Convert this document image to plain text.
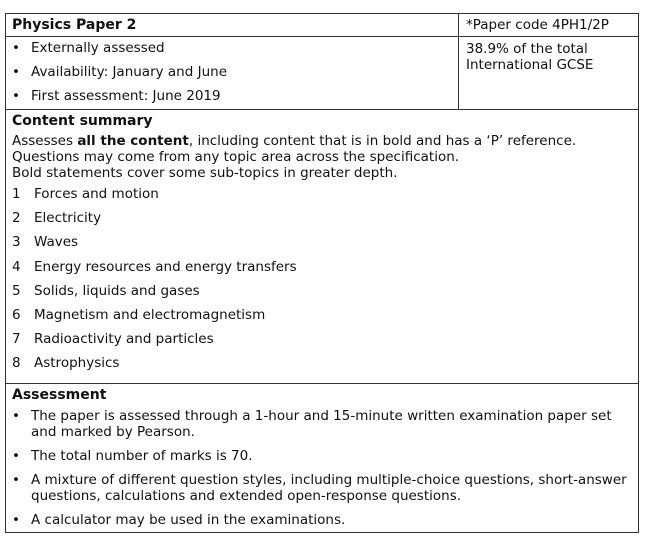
Physics Paper 2
• Externally assessed
• Availability: January and June
• First assessment: June 2019
*Paper code 4PH1/2P
38.9% of the total
International GCSE
Content summary
Assesses all the content, including content that is in bold and has a ‘P’ reference.
Questions may come from any topic area across the specification.
Bold statements cover some sub-topics in greater depth.
1 Forces and motion
2 Electricity
3 Waves
4 Energy resources and energy transfers
5 Solids, liquids and gases
6 Magnetism and electromagnetism
7 Radioactivity and particles
8 Astrophysics
Assessment
• The paper is assessed through a 1-hour and 15-minute written examination paper set and marked by Pearson.
• The total number of marks is 70.
• A mixture of different question styles, including multiple-choice questions, short-answer questions, calculations and extended open-response questions.
• A calculator may be used in the examinations.
